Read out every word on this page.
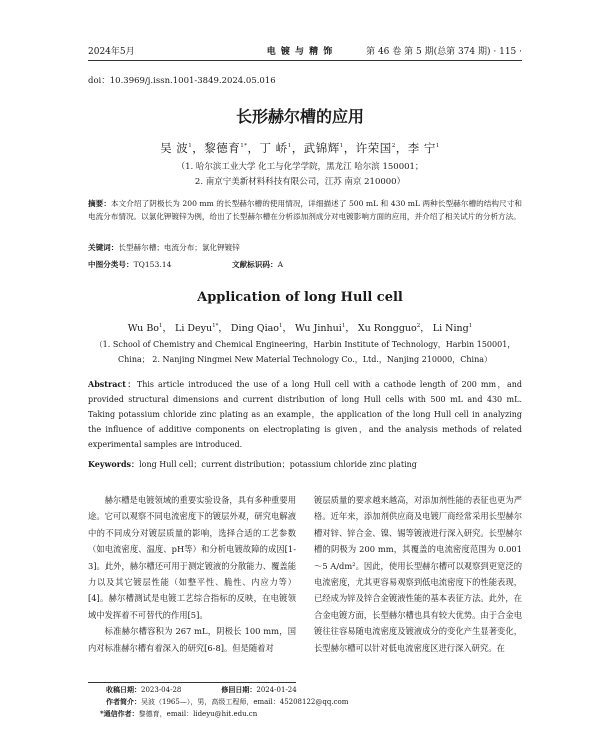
2024年5月	电 镀 与 精 饰	第 46 卷 第 5 期(总第 374 期) · 115 ·
doi：10.3969/j.issn.1001-3849.2024.05.016
长形赫尔槽的应用
吴 波$^1$，黎德育$^{1*}$，丁 峤$^1$，武锦辉$^1$，许荣国$^2$，李 宁$^1$
（1. 哈尔滨工业大学 化工与化学学院，黑龙江 哈尔滨 150001；
2. 南京宁美新材料科技有限公司，江苏 南京 210000）
摘要：本文介绍了阴极长为 200 mm 的长型赫尔槽的使用情况，详细描述了 500 mL 和 430 mL 两种长型赫尔槽的结构尺寸和电流分布情况。以氯化钾镀锌为例，给出了长型赫尔槽在分析添加剂成分对电镀影响方面的应用，并介绍了相关试片的分析方法。
关键词：长型赫尔槽；电流分布；氯化钾镀锌
中图分类号：TQ153.14	文献标识码：A
Application of long Hull cell
Wu Bo$^1$， Li Deyu$^{1*}$， Ding Qiao$^1$， Wu Jinhui$^1$， Xu Rongguo$^2$， Li Ning$^1$
（1. School of Chemistry and Chemical Engineering，Harbin Institute of Technology，Harbin 150001，
China； 2. Nanjing Ningmei New Material Technology Co.，Ltd.，Nanjing 210000，China）
Abstract：This article introduced the use of a long Hull cell with a cathode length of 200 mm，and provided structural dimensions and current distribution of long Hull cells with 500 mL and 430 mL. Taking potassium chloride zinc plating as an example，the application of the long Hull cell in analyzing the influence of additive components on electroplating is given，and the analysis methods of related experimental samples are introduced.
Keywords：long Hull cell；current distribution；potassium chloride zinc plating

赫尔槽是电镀领域的重要实验设备，具有多种重要用途。它可以观察不同电流密度下的镀层外观，研究电解液中的不同成分对镀层质量的影响，选择合适的工艺参数（如电流密度、温度、pH等）和分析电镀故障的成因[1-3]。此外，赫尔槽还可用于测定镀液的分散能力、覆盖能力以及其它镀层性能（如整平性、脆性、内应力等）[4]。赫尔槽测试是电镀工艺综合指标的反映，在电镀领域中发挥着不可替代的作用[5]。

标准赫尔槽容积为 267 mL，阴极长 100 mm，国内对标准赫尔槽有着深入的研究[6-8]。但是随着对

镀层质量的要求越来越高，对添加剂性能的表征也更为严格。近年来，添加剂供应商及电镀厂商经常采用长型赫尔槽对锌、锌合金、镍、锡等镀液进行深入研究。长型赫尔槽的阴极为 200 mm，其覆盖的电流密度范围为 0.001～5 A/dm²。因此，使用长型赫尔槽可以观察到更宽泛的电流密度，尤其更容易观察到低电流密度下的性能表现，已经成为锌及锌合金镀液性能的基本表征方法。此外，在合金电镀方面，长型赫尔槽也具有较大优势。由于合金电镀往往容易随电流密度及镀液成分的变化产生显著变化，长型赫尔槽可以针对低电流密度区进行深入研究。在

收稿日期：2023-04-28	修回日期：2024-01-24
作者简介：吴波（1965—），男，高级工程师，email：45208122@qq.com
*通信作者：黎德育，email：lideyu@hit.edu.cn
